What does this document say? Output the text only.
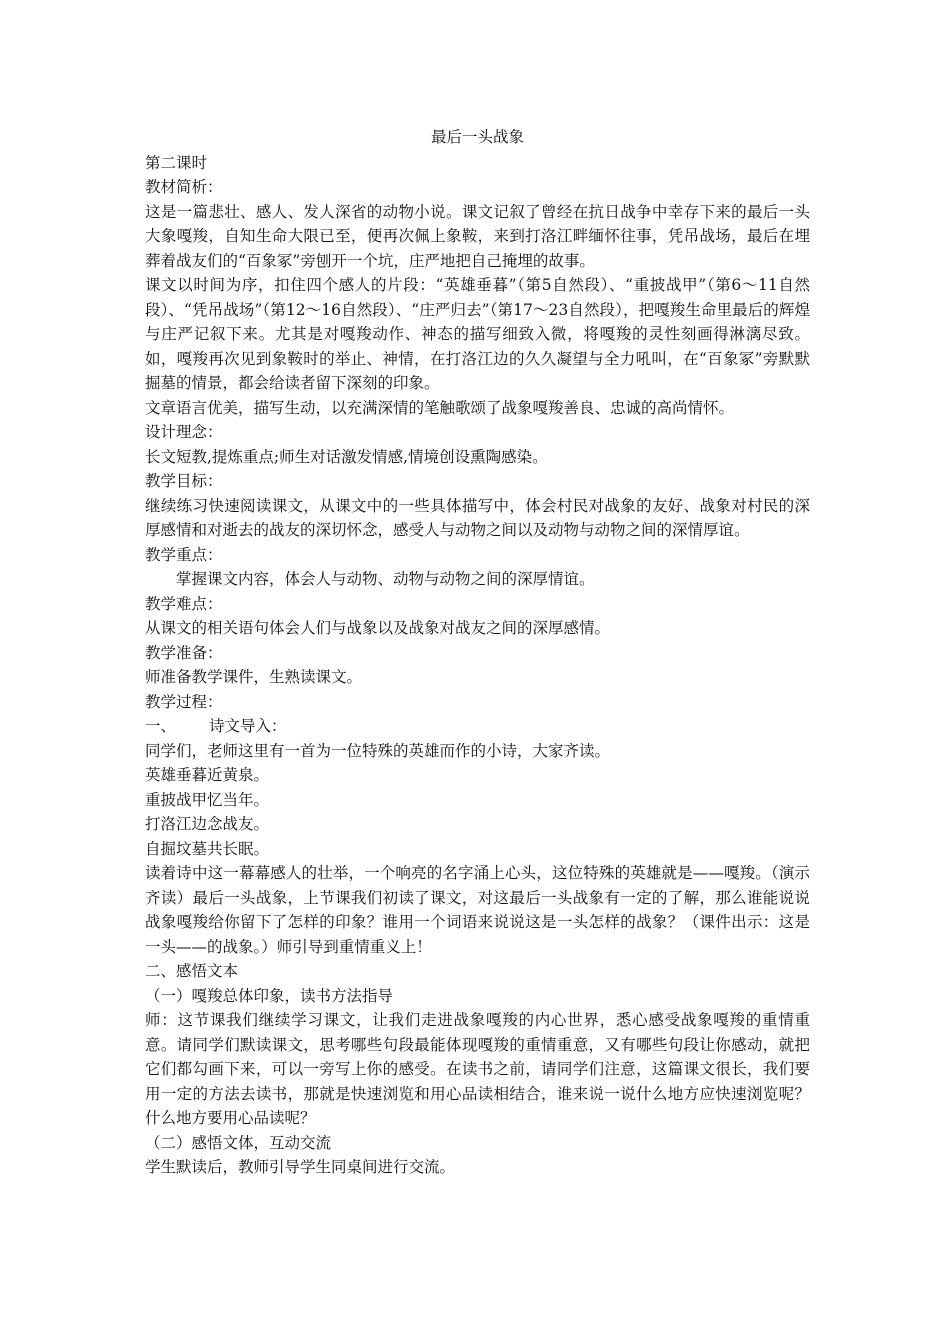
最后一头战象
第二课时
教材简析：
这是一篇悲壮、感人、发人深省的动物小说。课文记叙了曾经在抗日战争中幸存下来的最后一头大象嘎羧，自知生命大限已至，便再次佩上象鞍，来到打洛江畔缅怀往事，凭吊战场，最后在埋葬着战友们的“百象冢”旁刨开一个坑，庄严地把自己掩埋的故事。
课文以时间为序，扣住四个感人的片段：“英雄垂暮”（第5自然段）、“重披战甲”（第6～11自然段）、“凭吊战场”（第12～16自然段）、“庄严归去”（第17～23自然段），把嘎羧生命里最后的辉煌与庄严记叙下来。尤其是对嘎羧动作、神态的描写细致入微，将嘎羧的灵性刻画得淋漓尽致。如，嘎羧再次见到象鞍时的举止、神情，在打洛江边的久久凝望与全力吼叫，在“百象冢”旁默默掘墓的情景，都会给读者留下深刻的印象。
文章语言优美，描写生动，以充满深情的笔触歌颂了战象嘎羧善良、忠诚的高尚情怀。
设计理念：
长文短教,提炼重点;师生对话激发情感,情境创设熏陶感染。
教学目标：
继续练习快速阅读课文，从课文中的一些具体描写中，体会村民对战象的友好、战象对村民的深厚感情和对逝去的战友的深切怀念，感受人与动物之间以及动物与动物之间的深情厚谊。
教学重点：
掌握课文内容，体会人与动物、动物与动物之间的深厚情谊。
教学难点：
从课文的相关语句体会人们与战象以及战象对战友之间的深厚感情。
教学准备：
师准备教学课件，生熟读课文。
教学过程：
一、 诗文导入：
同学们，老师这里有一首为一位特殊的英雄而作的小诗，大家齐读。
英雄垂暮近黄泉。
重披战甲忆当年。
打洛江边念战友。
自掘坟墓共长眠。
读着诗中这一幕幕感人的壮举，一个响亮的名字涌上心头，这位特殊的英雄就是——嘎羧。（演示齐读）最后一头战象，上节课我们初读了课文，对这最后一头战象有一定的了解，那么谁能说说战象嘎羧给你留下了怎样的印象？谁用一个词语来说说这是一头怎样的战象？（课件出示：这是一头——的战象。）师引导到重情重义上！
二、感悟文本
（一）嘎羧总体印象，读书方法指导
师：这节课我们继续学习课文，让我们走进战象嘎羧的内心世界，悉心感受战象嘎羧的重情重意。请同学们默读课文，思考哪些句段最能体现嘎羧的重情重意，又有哪些句段让你感动，就把它们都勾画下来，可以一旁写上你的感受。在读书之前，请同学们注意，这篇课文很长，我们要用一定的方法去读书，那就是快速浏览和用心品读相结合，谁来说一说什么地方应快速浏览呢？什么地方要用心品读呢？
（二）感悟文体，互动交流
学生默读后，教师引导学生同桌间进行交流。
